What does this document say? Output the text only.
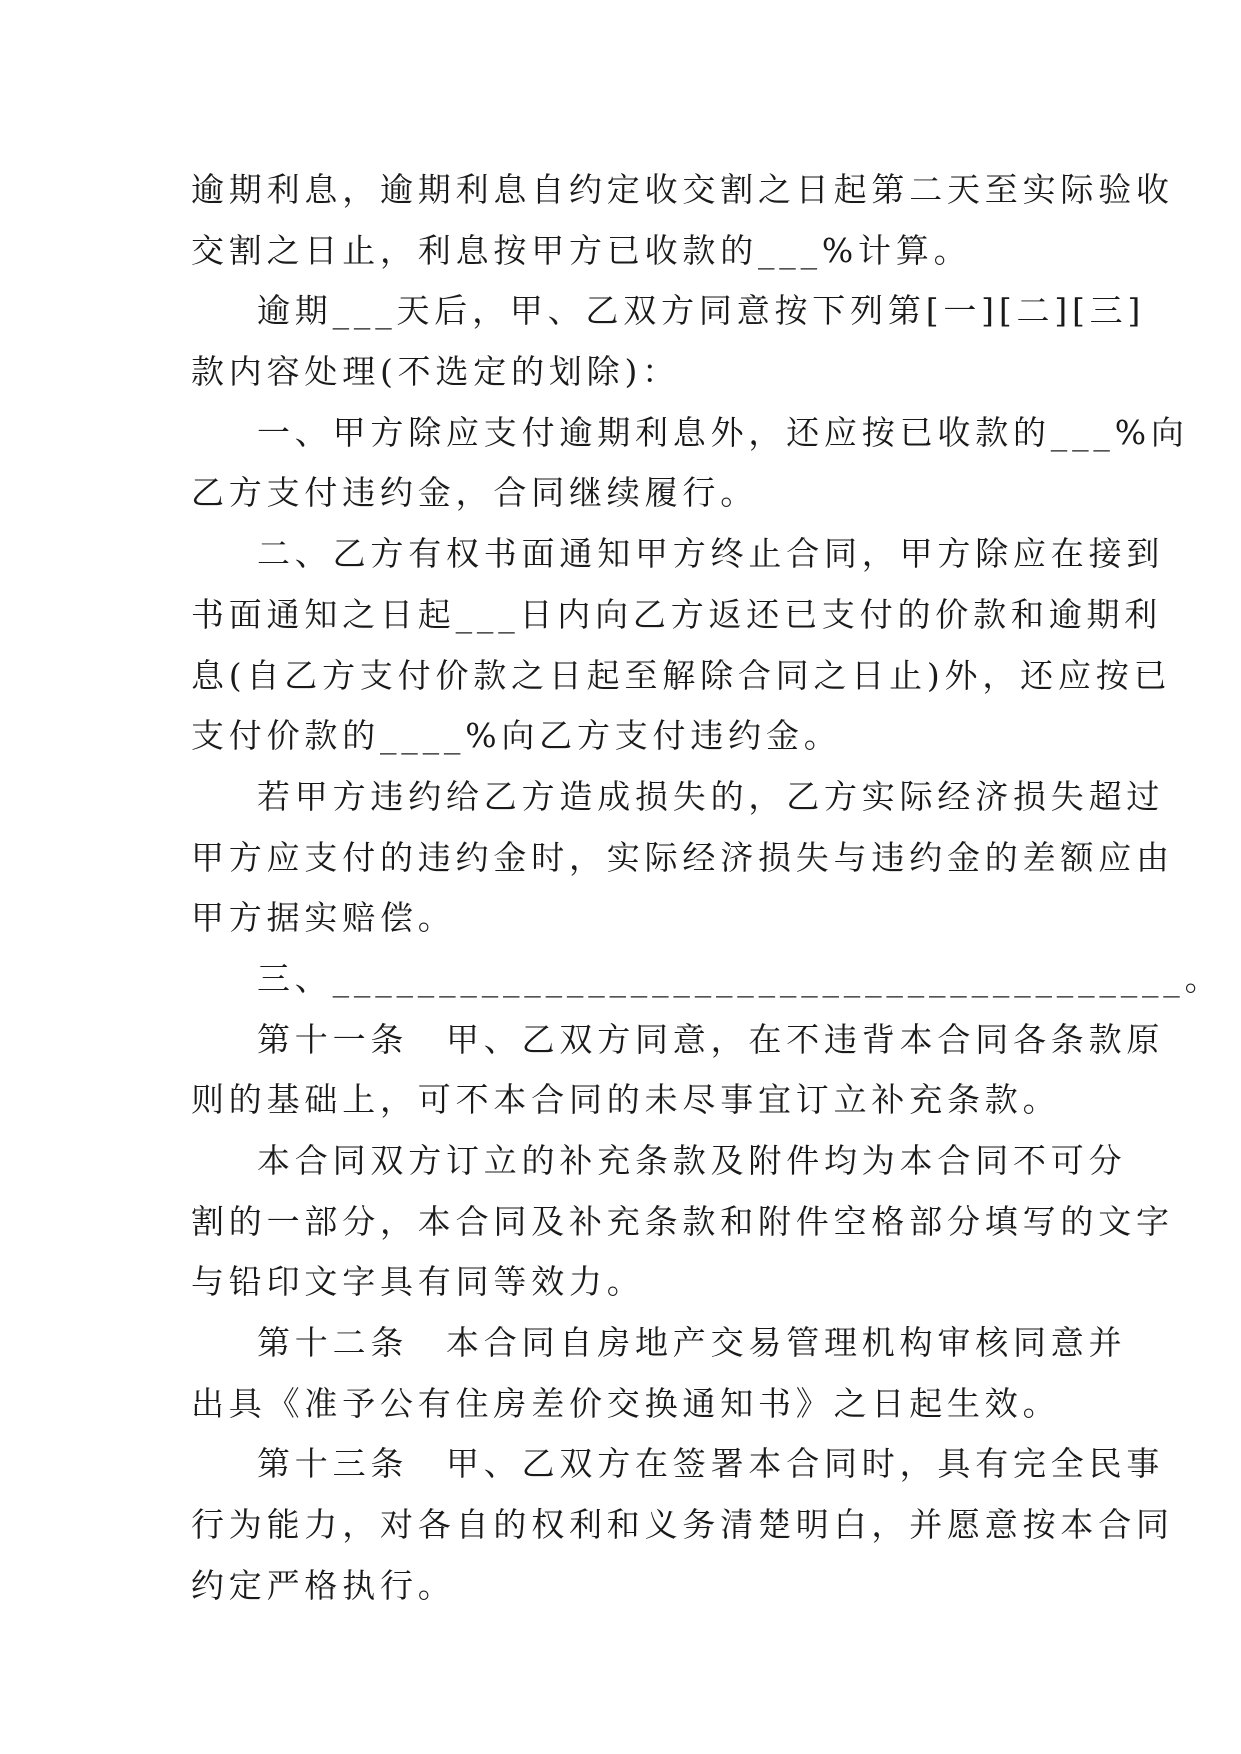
逾期利息，逾期利息自约定收交割之日起第二天至实际验收
交割之日止，利息按甲方已收款的___%计算。
逾期___天后，甲、乙双方同意按下列第[一][二][三]
款内容处理(不选定的划除)：
一、甲方除应支付逾期利息外，还应按已收款的___%向
乙方支付违约金，合同继续履行。
二、乙方有权书面通知甲方终止合同，甲方除应在接到
书面通知之日起___日内向乙方返还已支付的价款和逾期利
息(自乙方支付价款之日起至解除合同之日止)外，还应按已
支付价款的____%向乙方支付违约金。
若甲方违约给乙方造成损失的，乙方实际经济损失超过
甲方应支付的违约金时，实际经济损失与违约金的差额应由
甲方据实赔偿。
三、________________________________________。
第十一条　甲、乙双方同意，在不违背本合同各条款原
则的基础上，可不本合同的未尽事宜订立补充条款。
本合同双方订立的补充条款及附件均为本合同不可分
割的一部分，本合同及补充条款和附件空格部分填写的文字
与铅印文字具有同等效力。
第十二条　本合同自房地产交易管理机构审核同意并
出具《准予公有住房差价交换通知书》之日起生效。
第十三条　甲、乙双方在签署本合同时，具有完全民事
行为能力，对各自的权利和义务清楚明白，并愿意按本合同
约定严格执行。
